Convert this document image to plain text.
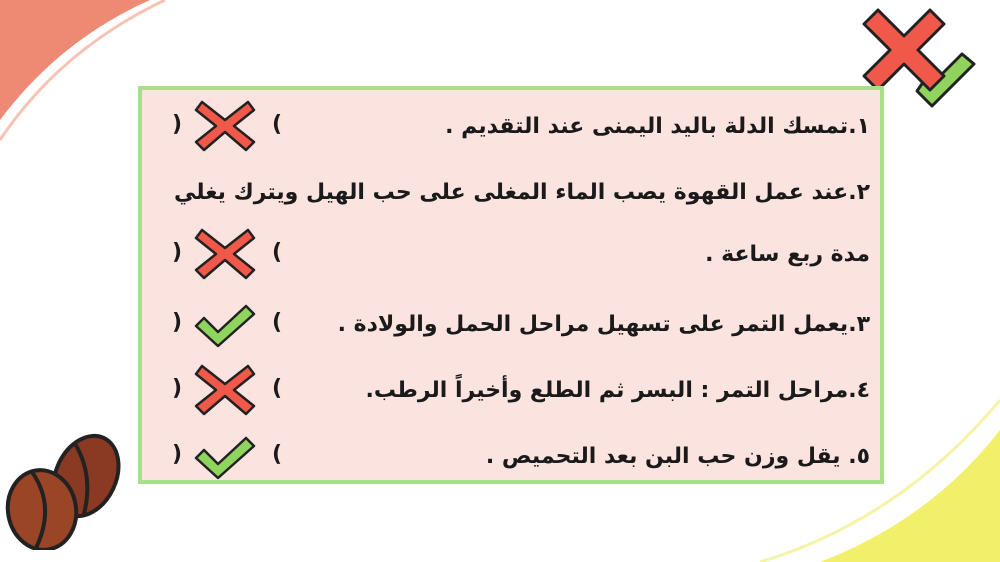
١.تمسك الدلة باليد اليمنى عند التقديم .
)	(
٢.عند عمل القهوة يصب الماء المغلى على حب الهيل ويترك يغلي
مدة ربع ساعة .
)	(
٣.يعمل التمر على تسهيل مراحل الحمل والولادة .
)	(
٤.مراحل التمر : البسر ثم الطلع وأخيراً الرطب.
)	(
٥. يقل وزن حب البن بعد التحميص .
)	(
